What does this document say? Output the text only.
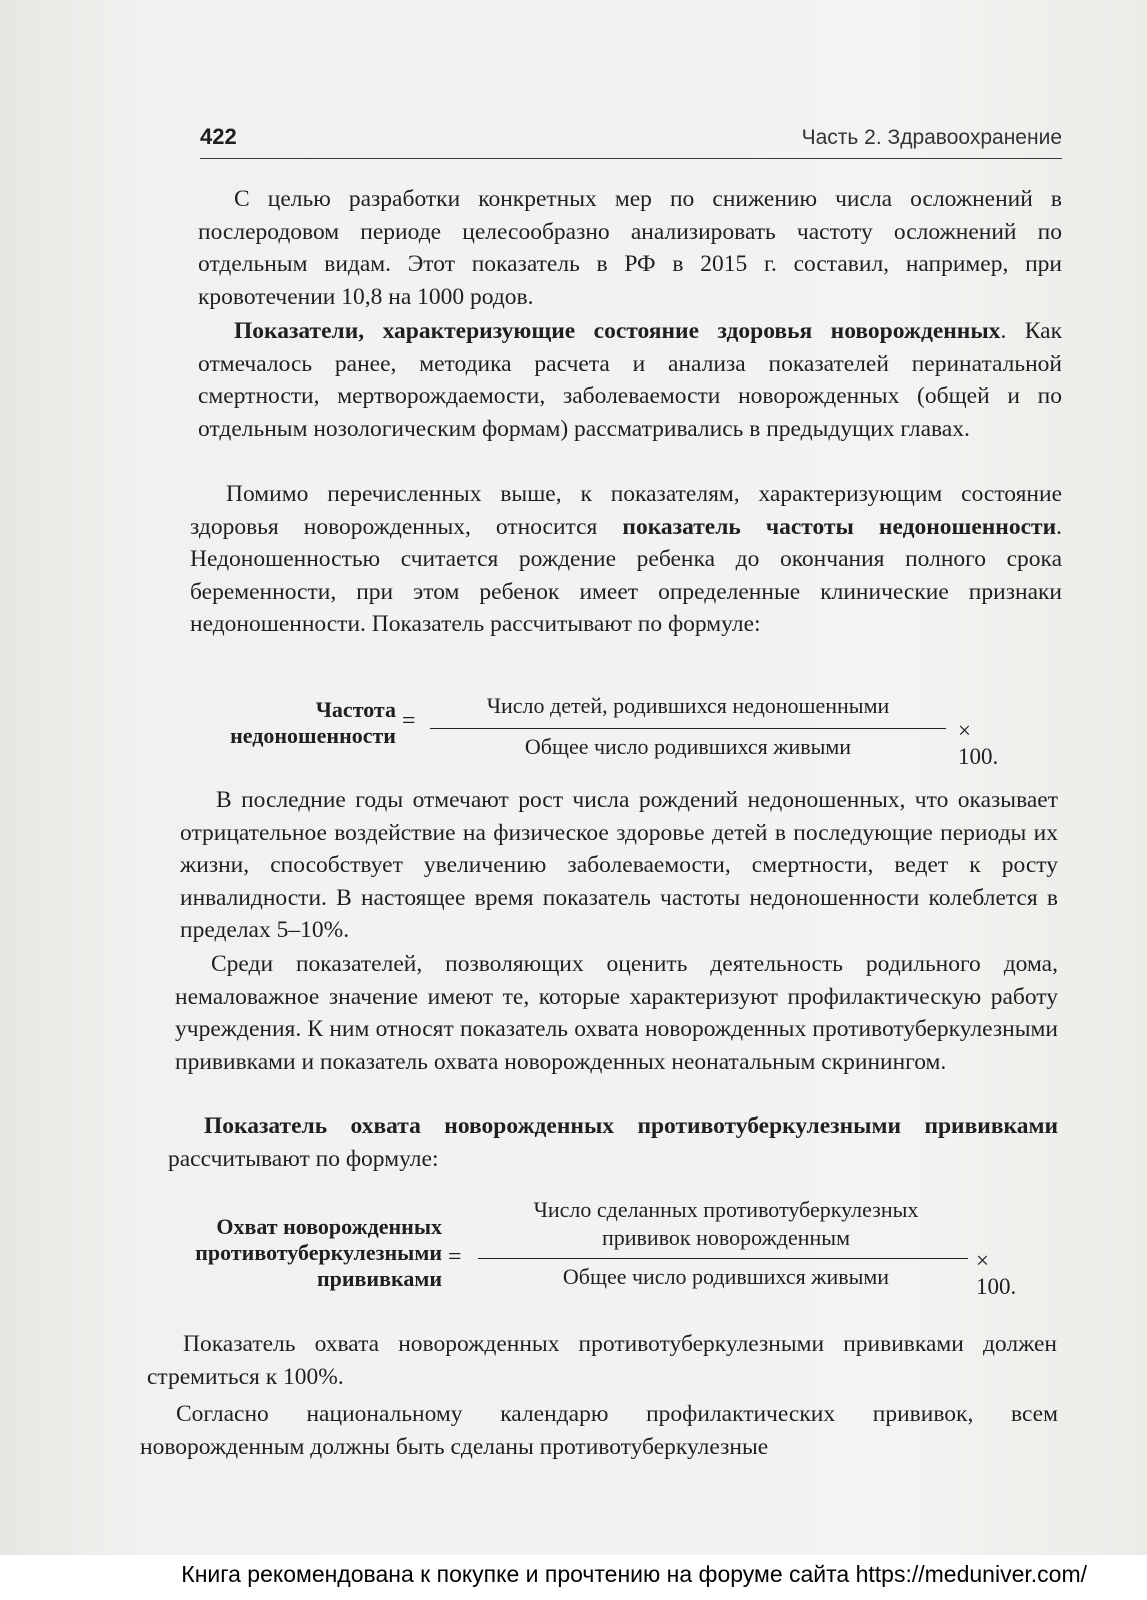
422	Часть 2. Здравоохранение

С целью разработки конкретных мер по снижению числа осложнений в послеродовом периоде целесообразно анализировать частоту осложнений по отдельным видам. Этот показатель в РФ в 2015 г. составил, например, при кровотечении 10,8 на 1000 родов.

Показатели, характеризующие состояние здоровья новорожденных. Как отмечалось ранее, методика расчета и анализа показателей перинатальной смертности, мертворождаемости, заболеваемости новорожденных (общей и по отдельным нозологическим формам) рассматривались в предыдущих главах.

Помимо перечисленных выше, к показателям, характеризующим состояние здоровья новорожденных, относится показатель частоты недоношенности. Недоношенностью считается рождение ребенка до окончания полного срока беременности, при этом ребенок имеет определенные клинические признаки недоношенности. Показатель рассчитывают по формуле:

Частота
недоношенности
=
Число детей, родившихся недоношенными
Общее число родившихся живыми
× 100.

В последние годы отмечают рост числа рождений недоношенных, что оказывает отрицательное воздействие на физическое здоровье детей в последующие периоды их жизни, способствует увеличению заболеваемости, смертности, ведет к росту инвалидности. В настоящее время показатель частоты недоношенности колеблется в пределах 5–10%.

Среди показателей, позволяющих оценить деятельность родильного дома, немаловажное значение имеют те, которые характеризуют профилактическую работу учреждения. К ним относят показатель охвата новорожденных противотуберкулезными прививками и показатель охвата новорожденных неонатальным скринингом.

Показатель охвата новорожденных противотуберкулезными прививками рассчитывают по формуле:

Охват новорожденных
противотуберкулезными
прививками
=
Число сделанных противотуберкулезных
прививок новорожденным
Общее число родившихся живыми
× 100.

Показатель охвата новорожденных противотуберкулезными прививками должен стремиться к 100%.

Согласно национальному календарю профилактических прививок, всем новорожденным должны быть сделаны противотуберкулезные

Книга рекомендована к покупке и прочтению на форуме сайта https://meduniver.com/
